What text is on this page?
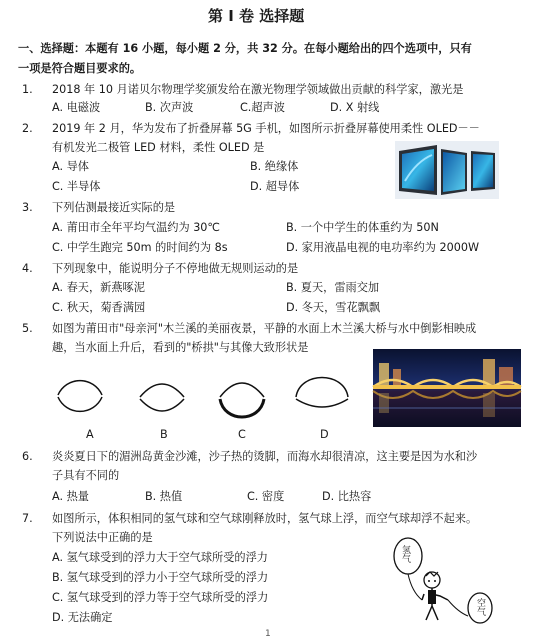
第 I 卷 选择题
一、选择题：本题有 16 小题，每小题 2 分，共 32 分。在每小题给出的四个选项中，只有
一项是符合题目要求的。
1. 2018 年 10 月诺贝尔物理学奖颁发给在激光物理学领域做出贡献的科学家，激光是
A. 电磁波	B. 次声波	C.超声波	D. X 射线
2. 2019 年 2 月，华为发布了折叠屏幕 5G 手机，如图所示折叠屏幕使用柔性 OLED－－
有机发光二极管 LED 材料，柔性 OLED 是
A. 导体	B. 绝缘体
C. 半导体	D. 超导体
3. 下列估测最接近实际的是
A. 莆田市全年平均气温约为 30℃	B. 一个中学生的体重约为 50N
C. 中学生跑完 50m 的时间约为 8s	D. 家用液晶电视的电功率约为 2000W
4. 下列现象中，能说明分子不停地做无规则运动的是
A. 春天，新燕啄泥	B. 夏天，雷雨交加
C. 秋天，菊香满园	D. 冬天，雪花飘飘
5. 如图为莆田市"母亲河"木兰溪的美丽夜景，平静的水面上木兰溪大桥与水中倒影相映成
趣，当水面上升后，看到的"桥拱"与其像大致形状是
A	B	C	D
6. 炎炎夏日下的湄洲岛黄金沙滩，沙子热的烫脚，而海水却很清凉，这主要是因为水和沙
子具有不同的
A. 热量	B. 热值	C. 密度	D. 比热容
7. 如图所示，体积相同的氢气球和空气球刚释放时，氢气球上浮，而空气球却浮不起来。
下列说法中正确的是
A. 氢气球受到的浮力大于空气球所受的浮力
B. 氢气球受到的浮力小于空气球所受的浮力
C. 氢气球受到的浮力等于空气球所受的浮力
D. 无法确定
氢气
空气
1
